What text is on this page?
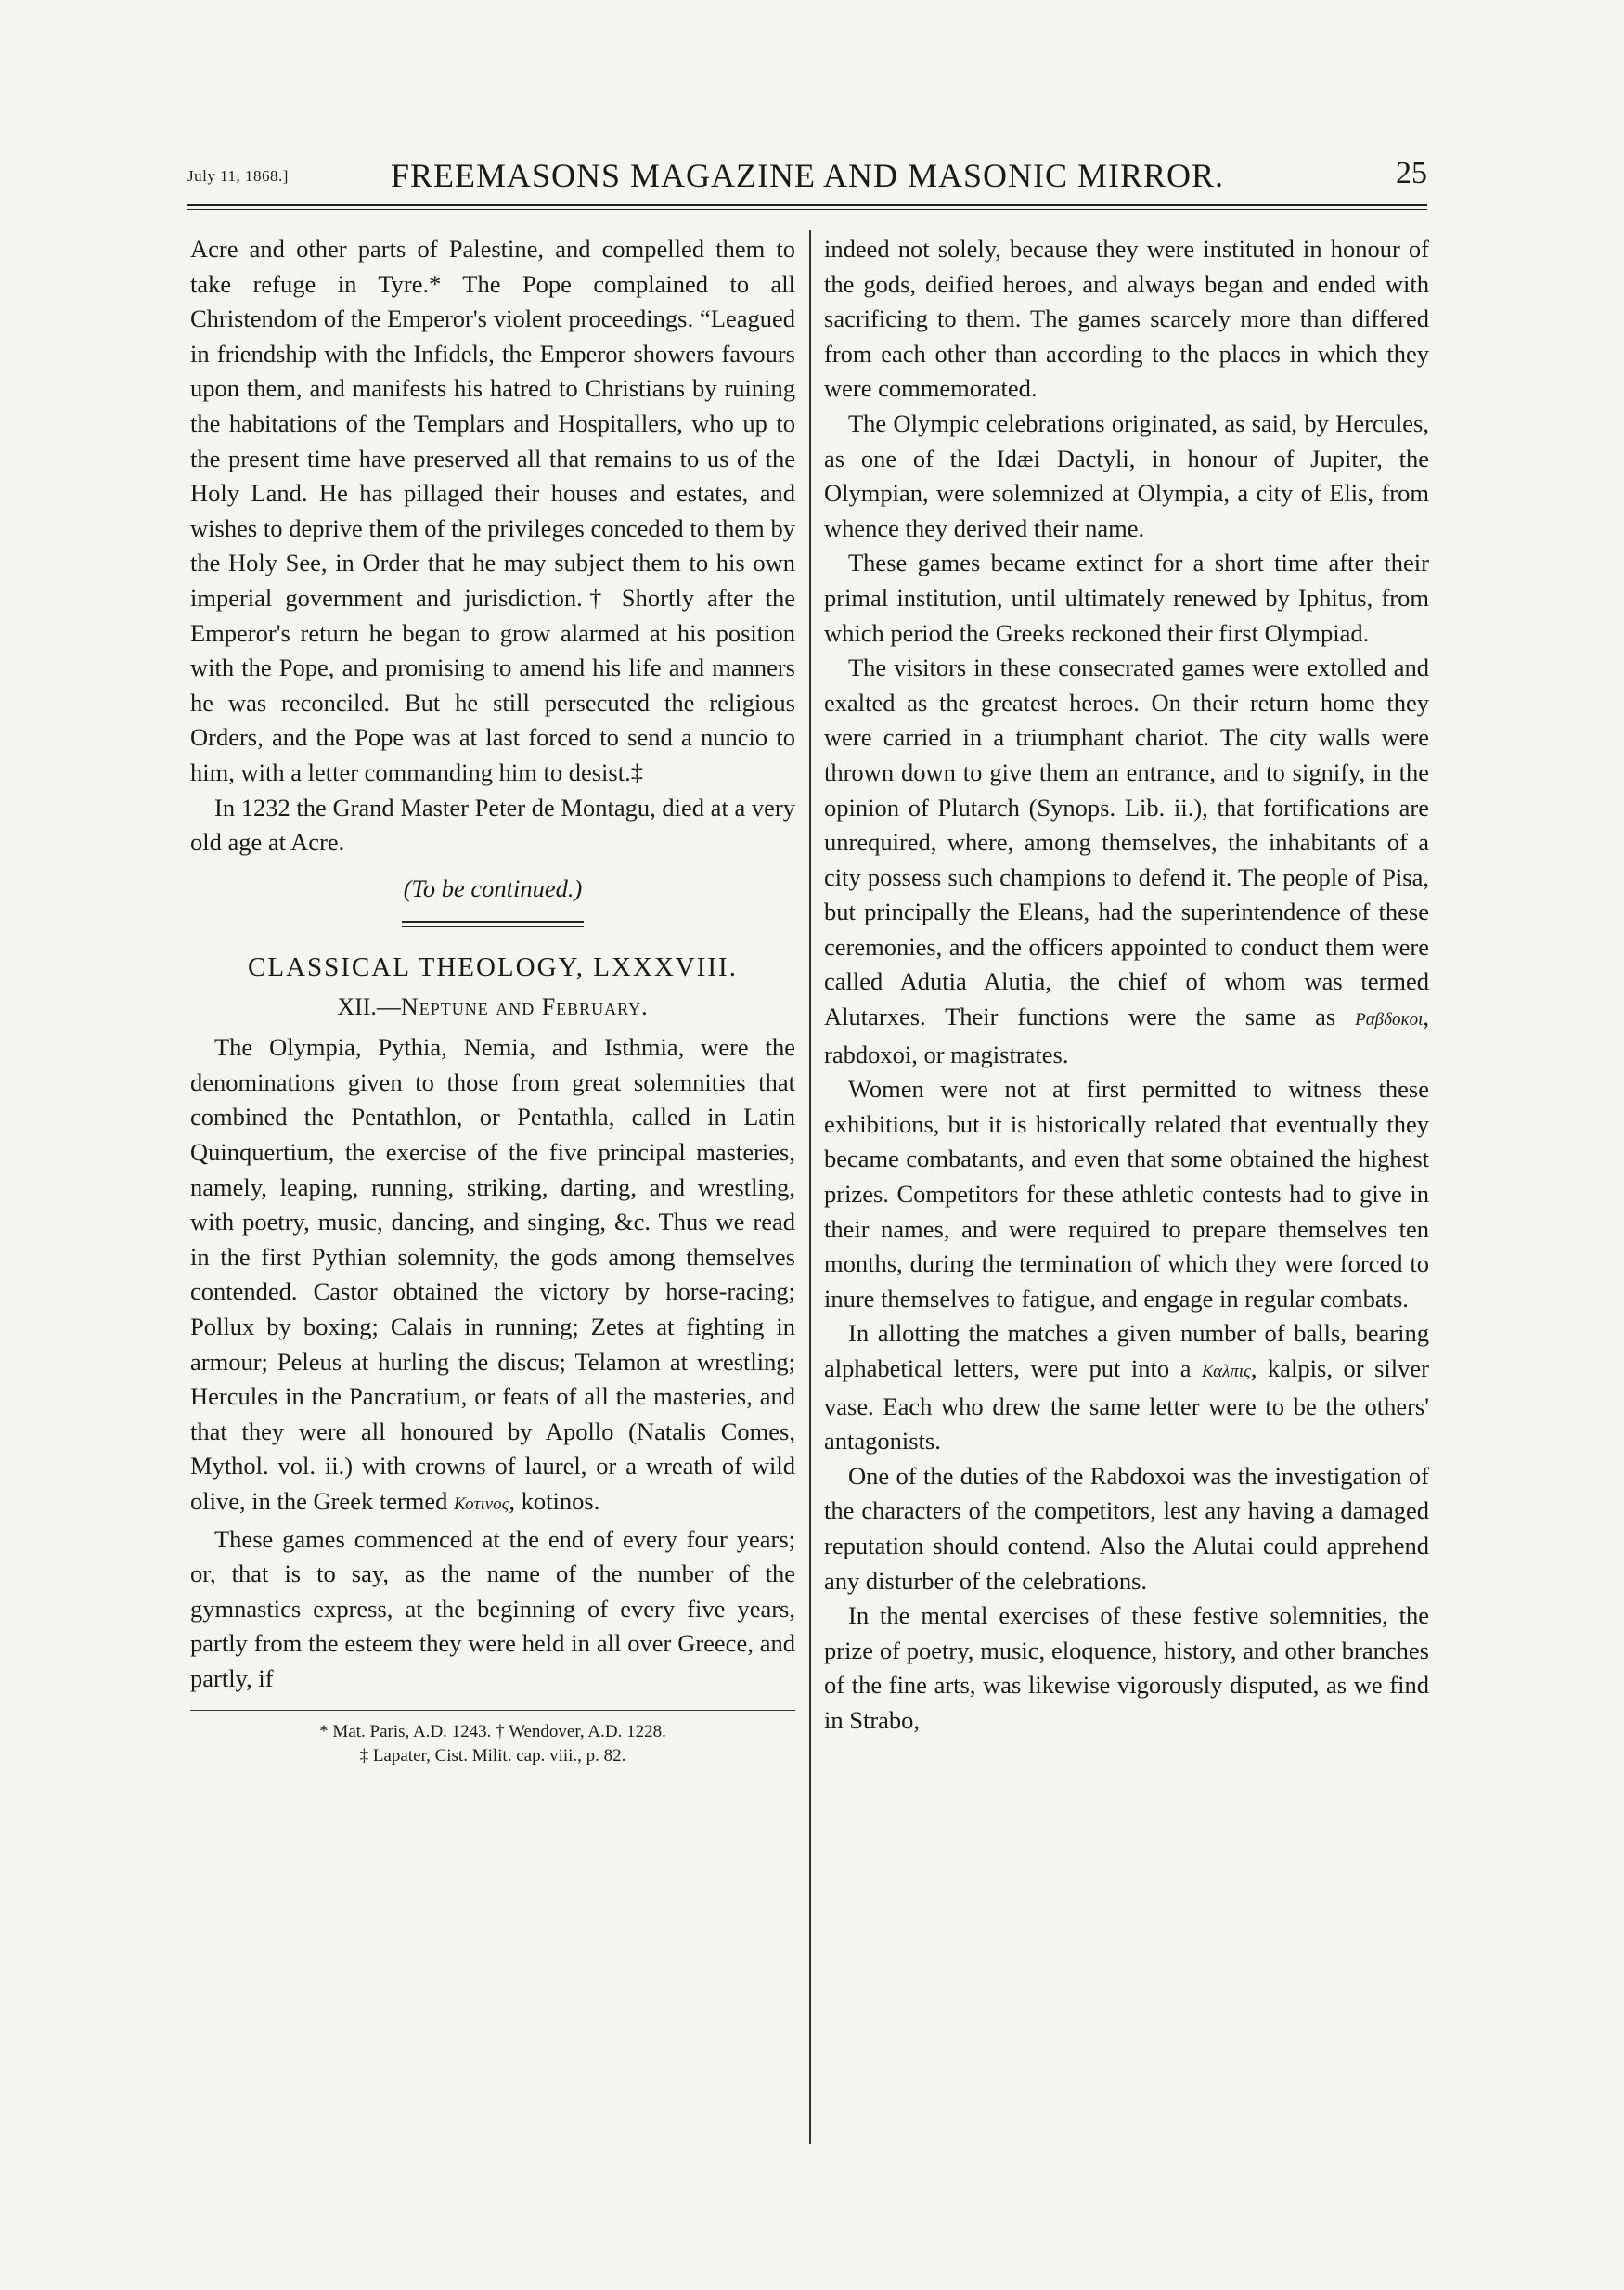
July 11, 1868.]	FREEMASONS MAGAZINE AND MASONIC MIRROR.	25

Acre and other parts of Palestine, and compelled them to take refuge in Tyre.* The Pope complained to all Christendom of the Emperor's violent proceedings. “Leagued in friendship with the Infidels, the Emperor showers favours upon them, and manifests his hatred to Christians by ruining the habitations of the Templars and Hospitallers, who up to the present time have preserved all that remains to us of the Holy Land. He has pillaged their houses and estates, and wishes to deprive them of the privileges conceded to them by the Holy See, in Order that he may subject them to his own imperial government and jurisdiction.† Shortly after the Emperor's return he began to grow alarmed at his position with the Pope, and promising to amend his life and manners he was reconciled. But he still persecuted the religious Orders, and the Pope was at last forced to send a nuncio to him, with a letter commanding him to desist.‡

In 1232 the Grand Master Peter de Montagu, died at a very old age at Acre.

(To be continued.)
CLASSICAL THEOLOGY, LXXXVIII.
XII.—Neptune and February.

The Olympia, Pythia, Nemia, and Isthmia, were the denominations given to those from great solemnities that combined the Pentathlon, or Pentathla, called in Latin Quinquertium, the exercise of the five principal masteries, namely, leaping, running, striking, darting, and wrestling, with poetry, music, dancing, and singing, &c. Thus we read in the first Pythian solemnity, the gods among themselves contended. Castor obtained the victory by horse-racing; Pollux by boxing; Calais in running; Zetes at fighting in armour; Peleus at hurling the discus; Telamon at wrestling; Hercules in the Pancratium, or feats of all the masteries, and that they were all honoured by Apollo (Natalis Comes, Mythol. vol. ii.) with crowns of laurel, or a wreath of wild olive, in the Greek termed Κοτινος, kotinos.

These games commenced at the end of every four years; or, that is to say, as the name of the number of the gymnastics express, at the beginning of every five years, partly from the esteem they were held in all over Greece, and partly, if

* Mat. Paris, A.D. 1243. † Wendover, A.D. 1228.
‡ Lapater, Cist. Milit. cap. viii., p. 82.

indeed not solely, because they were instituted in honour of the gods, deified heroes, and always began and ended with sacrificing to them. The games scarcely more than differed from each other than according to the places in which they were commemorated.

The Olympic celebrations originated, as said, by Hercules, as one of the Idæi Dactyli, in honour of Jupiter, the Olympian, were solemnized at Olympia, a city of Elis, from whence they derived their name.

These games became extinct for a short time after their primal institution, until ultimately renewed by Iphitus, from which period the Greeks reckoned their first Olympiad.

The visitors in these consecrated games were extolled and exalted as the greatest heroes. On their return home they were carried in a triumphant chariot. The city walls were thrown down to give them an entrance, and to signify, in the opinion of Plutarch (Synops. Lib. ii.), that fortifications are unrequired, where, among themselves, the inhabitants of a city possess such champions to defend it. The people of Pisa, but principally the Eleans, had the superintendence of these ceremonies, and the officers appointed to conduct them were called Adutia Alutia, the chief of whom was termed Alutarxes. Their functions were the same as Ραβδοκοι, rabdoxoi, or magistrates.

Women were not at first permitted to witness these exhibitions, but it is historically related that eventually they became combatants, and even that some obtained the highest prizes. Competitors for these athletic contests had to give in their names, and were required to prepare themselves ten months, during the termination of which they were forced to inure themselves to fatigue, and engage in regular combats.

In allotting the matches a given number of balls, bearing alphabetical letters, were put into a Καλπις, kalpis, or silver vase. Each who drew the same letter were to be the others' antagonists.

One of the duties of the Rabdoxoi was the investigation of the characters of the competitors, lest any having a damaged reputation should contend. Also the Alutai could apprehend any disturber of the celebrations.

In the mental exercises of these festive solemnities, the prize of poetry, music, eloquence, history, and other branches of the fine arts, was likewise vigorously disputed, as we find in Strabo,
